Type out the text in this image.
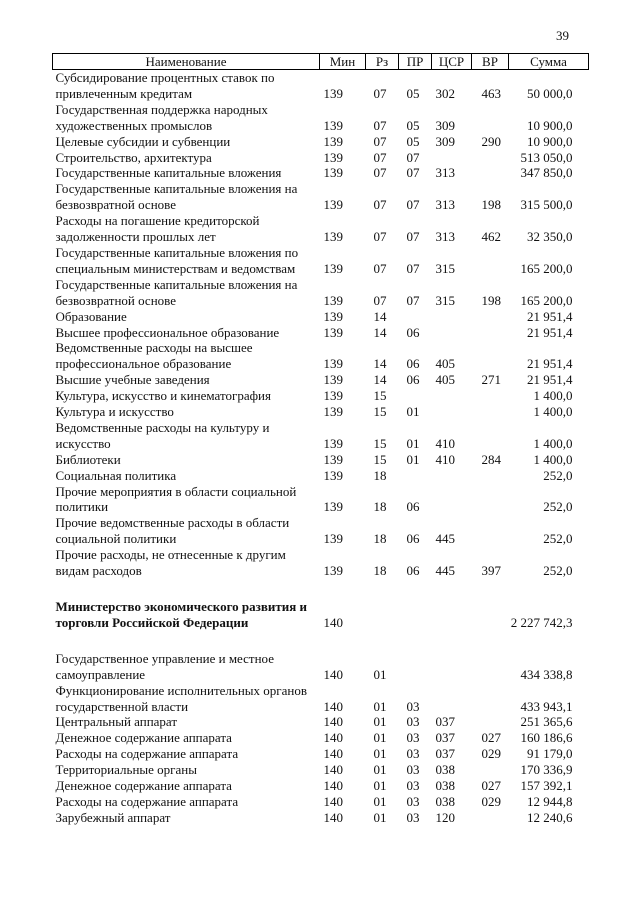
39
Наименование	Мин	Рз	ПР	ЦСР	ВР	Сумма
Субсидирование процентных ставок по привлеченным кредитам	139	07	05	302	463	50 000,0
Государственная поддержка народных художественных промыслов	139	07	05	309		10 900,0
Целевые субсидии и субвенции	139	07	05	309	290	10 900,0
Строительство, архитектура	139	07	07			513 050,0
Государственные капитальные вложения	139	07	07	313		347 850,0
Государственные капитальные вложения на безвозвратной основе	139	07	07	313	198	315 500,0
Расходы на погашение кредиторской задолженности прошлых лет	139	07	07	313	462	32 350,0
Государственные капитальные вложения по специальным министерствам и ведомствам	139	07	07	315		165 200,0
Государственные капитальные вложения на безвозвратной основе	139	07	07	315	198	165 200,0
Образование	139	14				21 951,4
Высшее профессиональное образование	139	14	06			21 951,4
Ведомственные расходы на высшее профессиональное образование	139	14	06	405		21 951,4
Высшие учебные заведения	139	14	06	405	271	21 951,4
Культура, искусство и кинематография	139	15				1 400,0
Культура и искусство	139	15	01			1 400,0
Ведомственные расходы на культуру и искусство	139	15	01	410		1 400,0
Библиотеки	139	15	01	410	284	1 400,0
Социальная политика	139	18				252,0
Прочие мероприятия в области социальной политики	139	18	06			252,0
Прочие ведомственные расходы в области социальной политики	139	18	06	445		252,0
Прочие расходы, не отнесенные к другим видам расходов	139	18	06	445	397	252,0

Министерство экономического развития и торговли Российской Федерации	140					2 227 742,3

Государственное управление и местное самоуправление	140	01				434 338,8
Функционирование исполнительных органов государственной власти	140	01	03			433 943,1
Центральный аппарат	140	01	03	037		251 365,6
Денежное содержание аппарата	140	01	03	037	027	160 186,6
Расходы на содержание аппарата	140	01	03	037	029	91 179,0
Территориальные органы	140	01	03	038		170 336,9
Денежное содержание аппарата	140	01	03	038	027	157 392,1
Расходы на содержание аппарата	140	01	03	038	029	12 944,8
Зарубежный аппарат	140	01	03	120		12 240,6
